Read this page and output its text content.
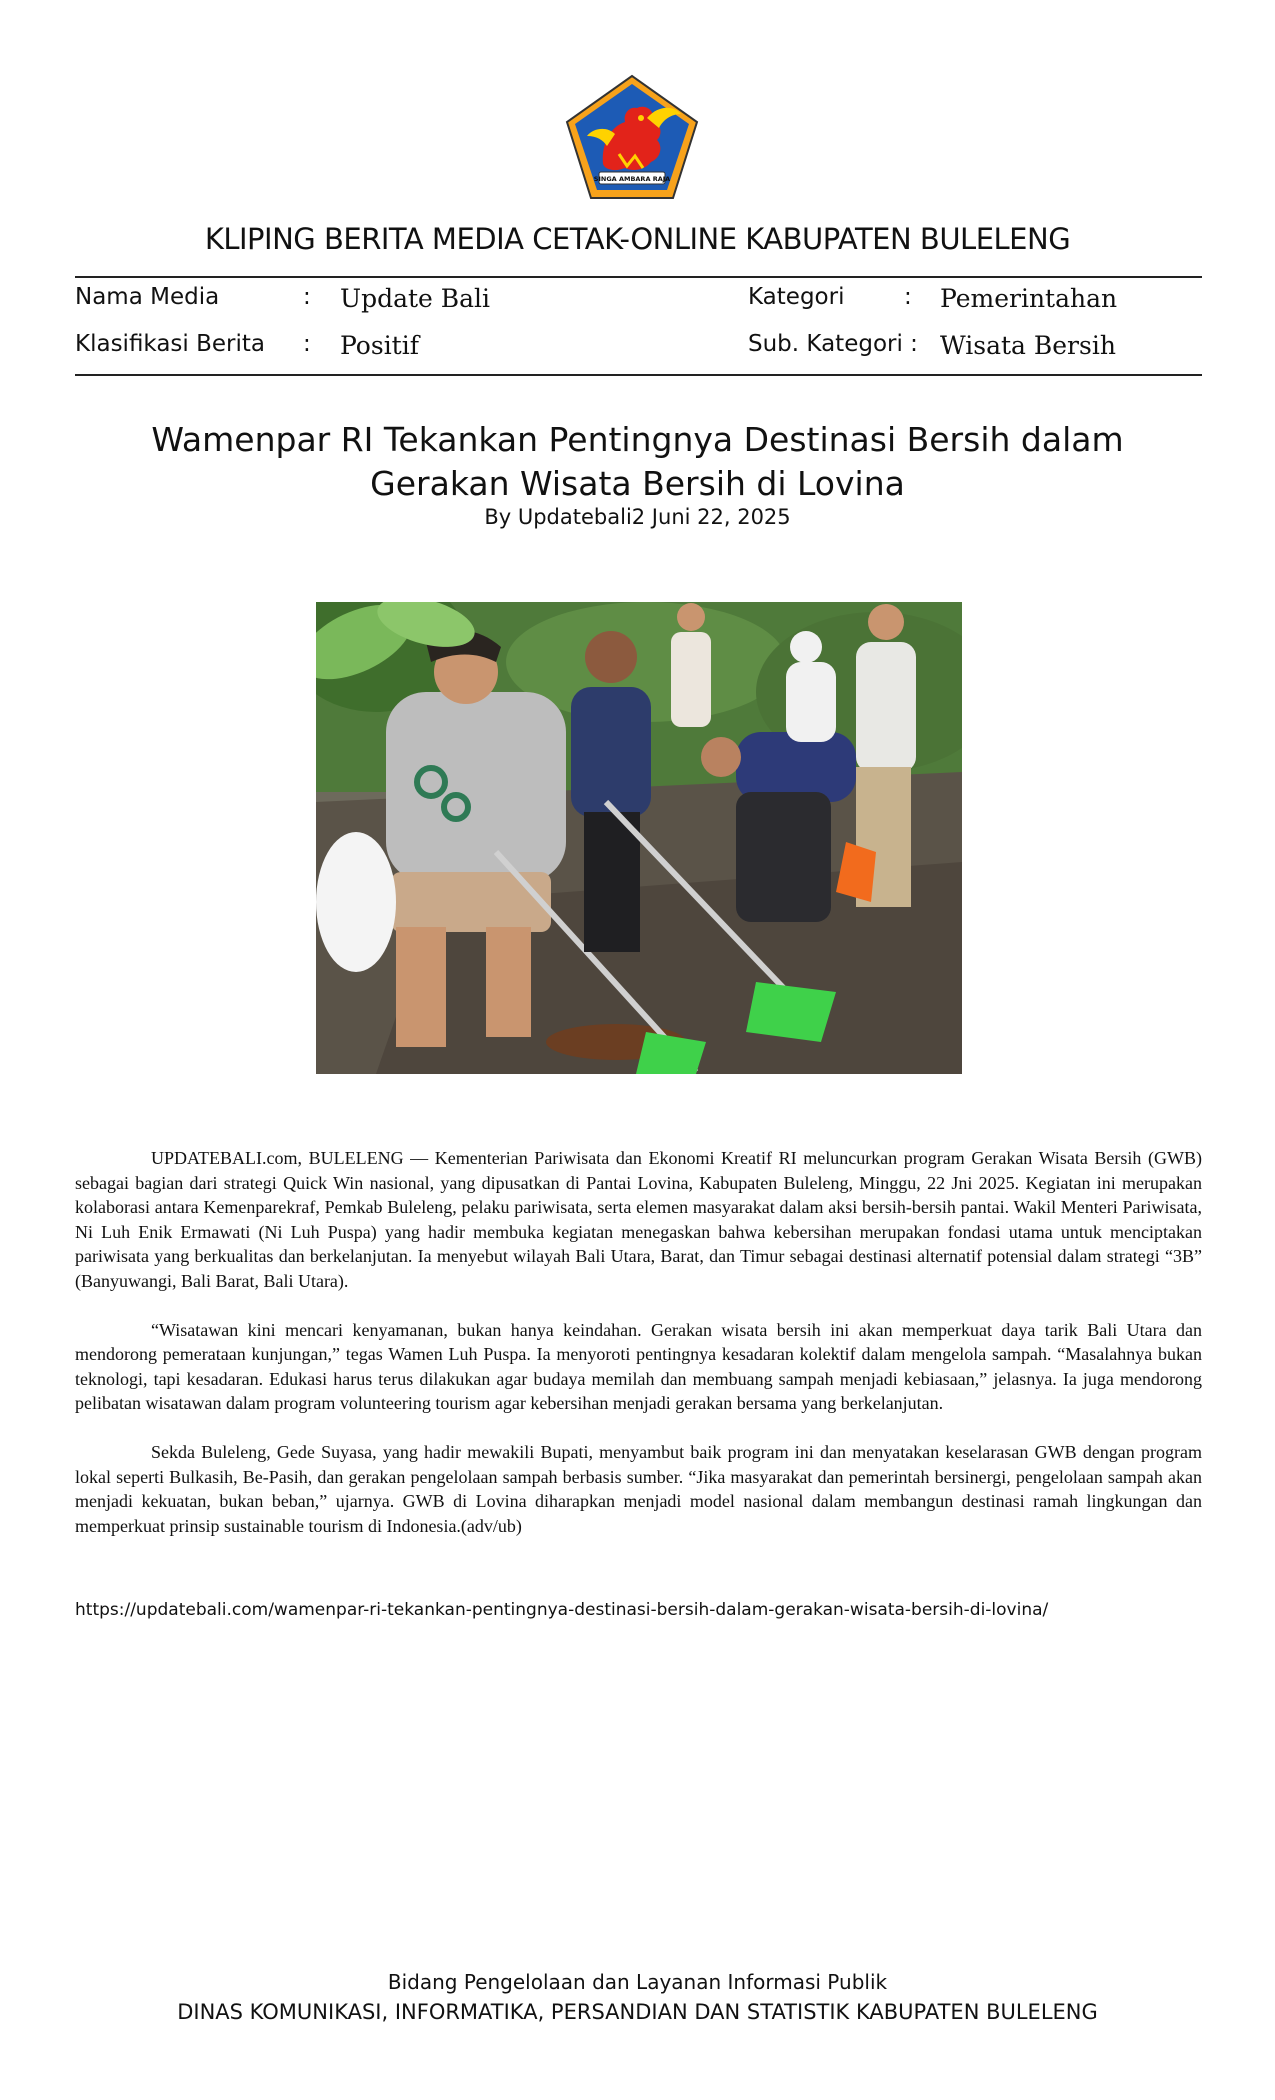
SINGA AMBARA RAJA
KLIPING BERITA MEDIA CETAK-ONLINE KABUPATEN BULELENG
Nama Media	: Update Bali	Kategori	: Pemerintahan
Klasifikasi Berita : Positif	Sub. Kategori : Wisata Bersih
Wamenpar RI Tekankan Pentingnya Destinasi Bersih dalam Gerakan Wisata Bersih di Lovina
By Updatebali2 Juni 22, 2025

UPDATEBALI.com, BULELENG — Kementerian Pariwisata dan Ekonomi Kreatif RI meluncurkan program Gerakan Wisata Bersih (GWB) sebagai bagian dari strategi Quick Win nasional, yang dipusatkan di Pantai Lovina, Kabupaten Buleleng, Minggu, 22 Jni 2025. Kegiatan ini merupakan kolaborasi antara Kemenparekraf, Pemkab Buleleng, pelaku pariwisata, serta elemen masyarakat dalam aksi bersih-bersih pantai. Wakil Menteri Pariwisata, Ni Luh Enik Ermawati (Ni Luh Puspa) yang hadir membuka kegiatan menegaskan bahwa kebersihan merupakan fondasi utama untuk menciptakan pariwisata yang berkualitas dan berkelanjutan. Ia menyebut wilayah Bali Utara, Barat, dan Timur sebagai destinasi alternatif potensial dalam strategi “3B” (Banyuwangi, Bali Barat, Bali Utara).

“Wisatawan kini mencari kenyamanan, bukan hanya keindahan. Gerakan wisata bersih ini akan memperkuat daya tarik Bali Utara dan mendorong pemerataan kunjungan,” tegas Wamen Luh Puspa. Ia menyoroti pentingnya kesadaran kolektif dalam mengelola sampah. “Masalahnya bukan teknologi, tapi kesadaran. Edukasi harus terus dilakukan agar budaya memilah dan membuang sampah menjadi kebiasaan,” jelasnya. Ia juga mendorong pelibatan wisatawan dalam program volunteering tourism agar kebersihan menjadi gerakan bersama yang berkelanjutan.

Sekda Buleleng, Gede Suyasa, yang hadir mewakili Bupati, menyambut baik program ini dan menyatakan keselarasan GWB dengan program lokal seperti Bulkasih, Be-Pasih, dan gerakan pengelolaan sampah berbasis sumber. “Jika masyarakat dan pemerintah bersinergi, pengelolaan sampah akan menjadi kekuatan, bukan beban,” ujarnya. GWB di Lovina diharapkan menjadi model nasional dalam membangun destinasi ramah lingkungan dan memperkuat prinsip sustainable tourism di Indonesia.(adv/ub)

https://updatebali.com/wamenpar-ri-tekankan-pentingnya-destinasi-bersih-dalam-gerakan-wisata-bersih-di-lovina/
Bidang Pengelolaan dan Layanan Informasi Publik
DINAS KOMUNIKASI, INFORMATIKA, PERSANDIAN DAN STATISTIK KABUPATEN BULELENG
